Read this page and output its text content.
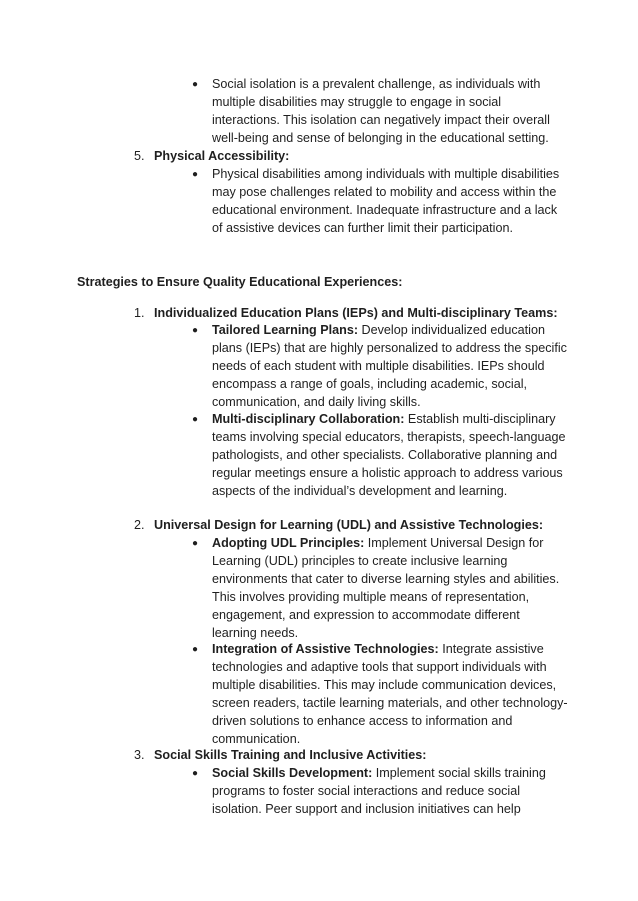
● Social isolation is a prevalent challenge, as individuals with multiple disabilities may struggle to engage in social interactions. This isolation can negatively impact their overall well-being and sense of belonging in the educational setting.
5. Physical Accessibility:
● Physical disabilities among individuals with multiple disabilities may pose challenges related to mobility and access within the educational environment. Inadequate infrastructure and a lack of assistive devices can further limit their participation.
Strategies to Ensure Quality Educational Experiences:
1. Individualized Education Plans (IEPs) and Multi-disciplinary Teams:
● Tailored Learning Plans: Develop individualized education plans (IEPs) that are highly personalized to address the specific needs of each student with multiple disabilities. IEPs should encompass a range of goals, including academic, social, communication, and daily living skills.
● Multi-disciplinary Collaboration: Establish multi-disciplinary teams involving special educators, therapists, speech-language pathologists, and other specialists. Collaborative planning and regular meetings ensure a holistic approach to address various aspects of the individual’s development and learning.
2. Universal Design for Learning (UDL) and Assistive Technologies:
● Adopting UDL Principles: Implement Universal Design for Learning (UDL) principles to create inclusive learning environments that cater to diverse learning styles and abilities. This involves providing multiple means of representation, engagement, and expression to accommodate different learning needs.
● Integration of Assistive Technologies: Integrate assistive technologies and adaptive tools that support individuals with multiple disabilities. This may include communication devices, screen readers, tactile learning materials, and other technology-driven solutions to enhance access to information and communication.
3. Social Skills Training and Inclusive Activities:
● Social Skills Development: Implement social skills training programs to foster social interactions and reduce social isolation. Peer support and inclusion initiatives can help
